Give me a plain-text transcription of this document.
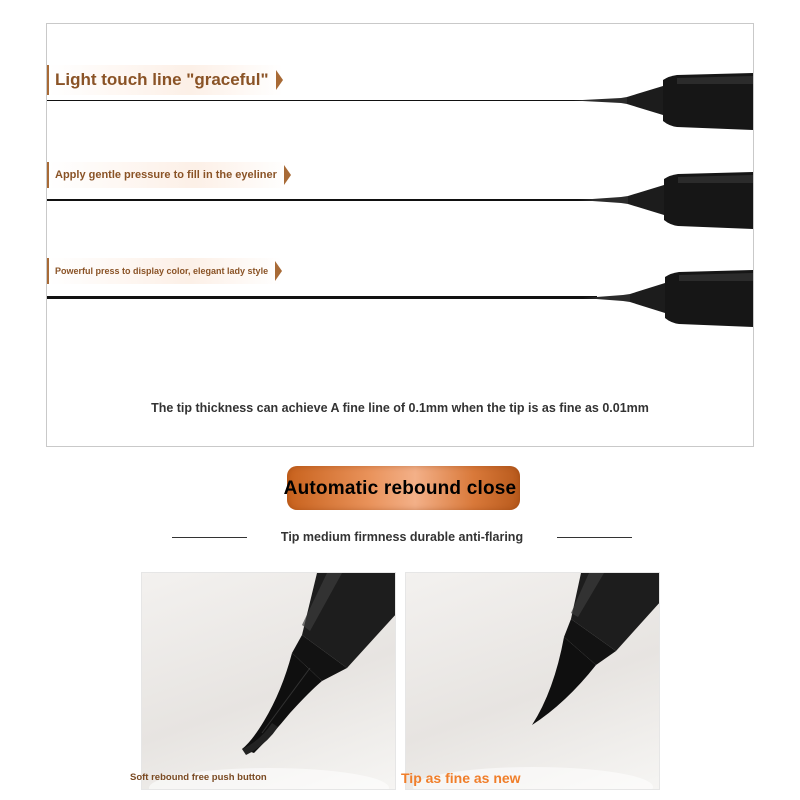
Light touch line "graceful"
Apply gentle pressure to fill in the eyeliner
Powerful press to display color, elegant lady style
The tip thickness can achieve A fine line of 0.1mm when the tip is as fine as 0.01mm
Automatic rebound close
Tip medium firmness durable anti-flaring
Soft rebound free push button	Tip as fine as new
